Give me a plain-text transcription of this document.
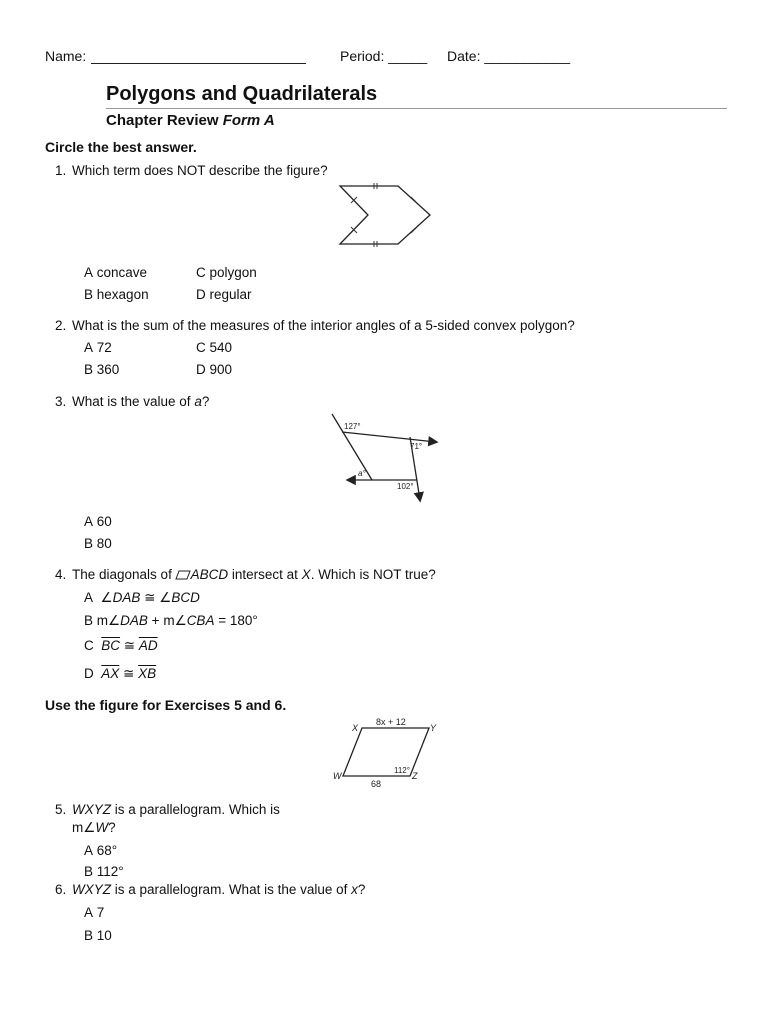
Name:	Period: _____ Date: ___________
Polygons and Quadrilaterals
Chapter Review Form A
Circle the best answer.
1. Which term does NOT describe the figure?
A concave	C polygon
B hexagon	D regular
2. What is the sum of the measures of the interior angles of a 5-sided convex polygon?
A 72	C 540
B 360	D 900
3. What is the value of a?
127°
71°
a°
102°
A 60
B 80
4. The diagonals of ABCD intersect at X. Which is NOT true?
A ∠DAB ≅ ∠BCD
B m∠DAB + m∠CBA = 180°
C $\overline{BC}$ ≅ $\overline{AD}$
D $\overline{AX}$ ≅ $\overline{XB}$
Use the figure for Exercises 5 and 6.
8x + 12
X	Y
W	Z
112°
68
5. WXYZ is a parallelogram. Which is
m∠W?
A 68°
B 112°
6. WXYZ is a parallelogram. What is the value of x?
A 7
B 10
